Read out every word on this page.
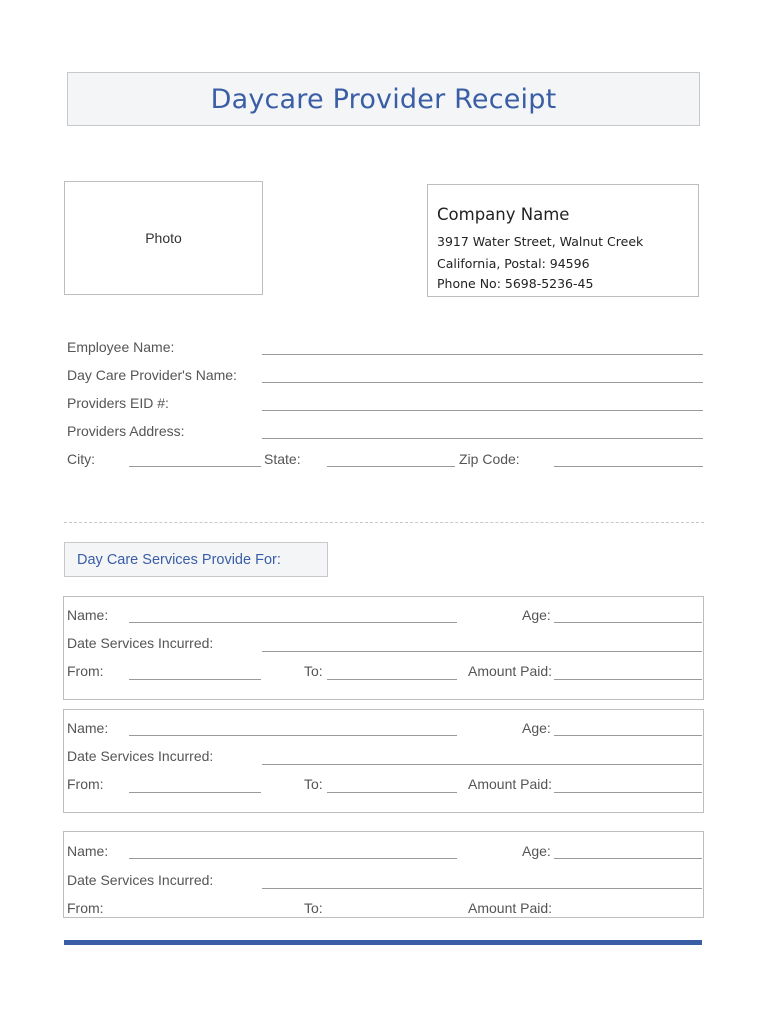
Daycare Provider Receipt
Photo
Company Name
3917 Water Street, Walnut Creek
California, Postal: 94596
Phone No: 5698-5236-45
Employee Name:
Day Care Provider's Name:
Providers EID #:
Providers Address:
City:	State:	Zip Code:
Day Care Services Provide For:
Name:	Age:
Date Services Incurred:
From:	To:	Amount Paid:
Name:	Age:
Date Services Incurred:
From:	To:	Amount Paid:
Name:	Age:
Date Services Incurred:
From:	To:	Amount Paid:
